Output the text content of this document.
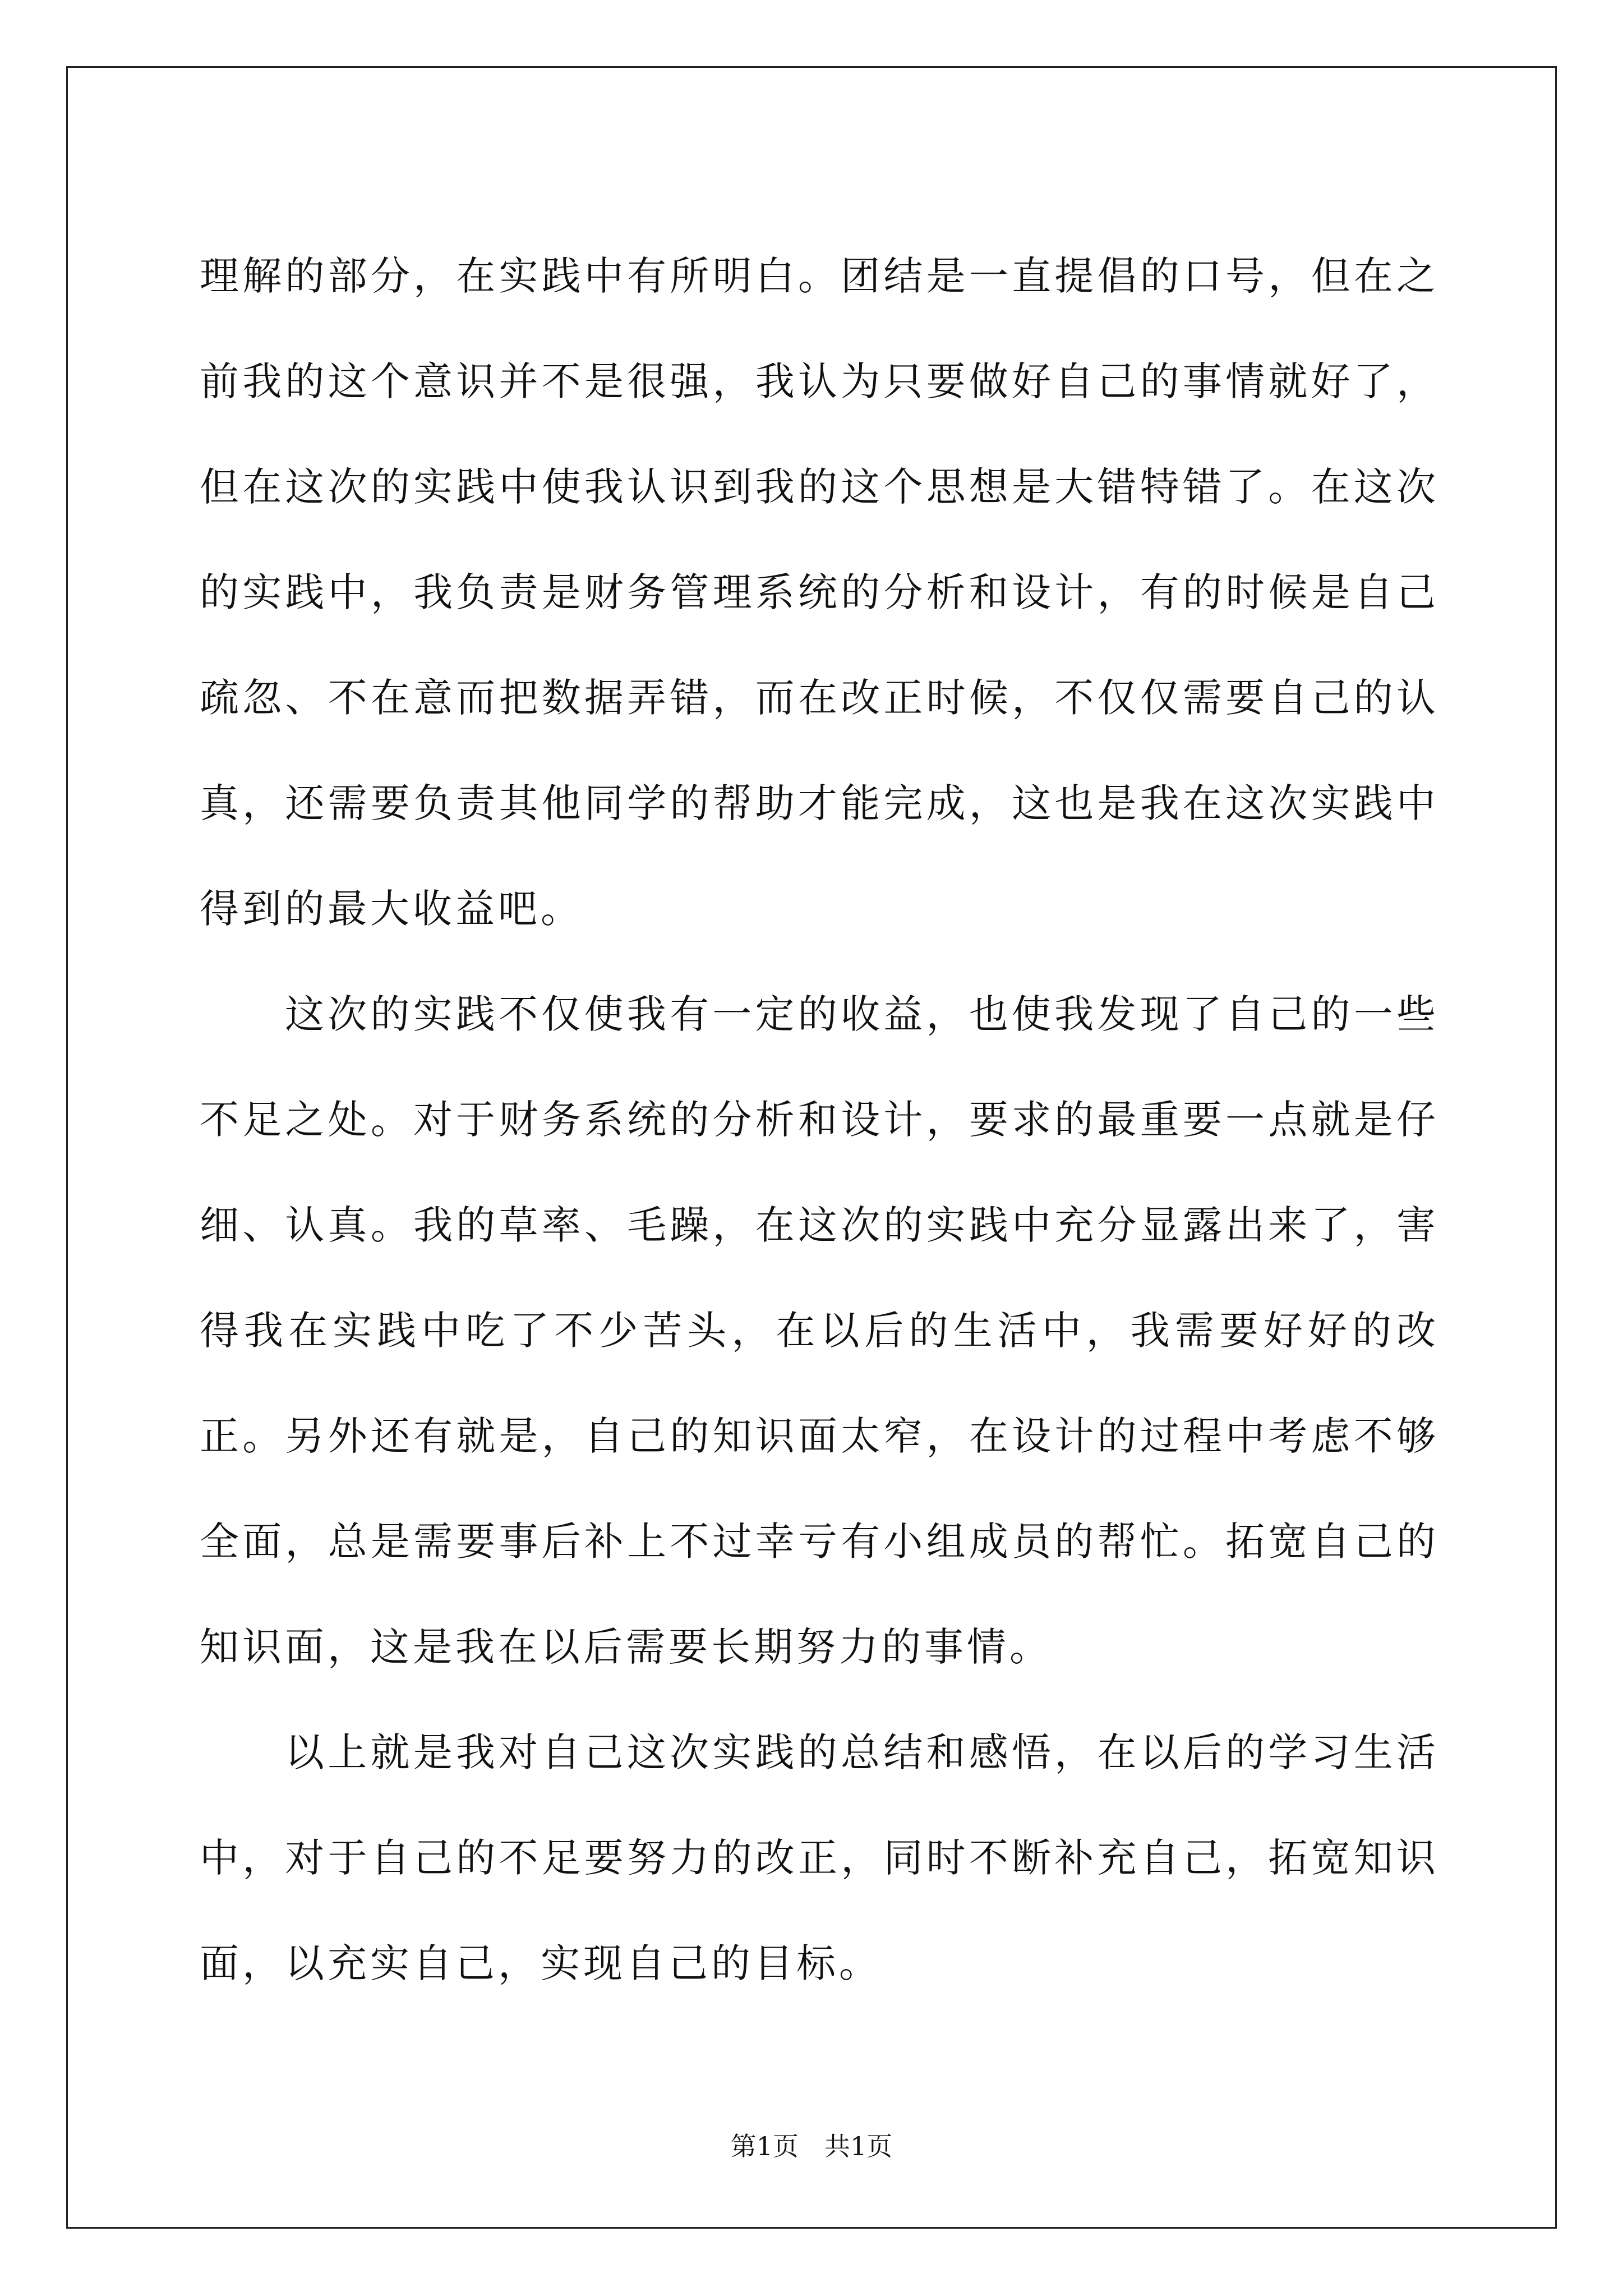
理解的部分，在实践中有所明白。团结是一直提倡的口号，但在之前我的这个意识并不是很强，我认为只要做好自己的事情就好了，但在这次的实践中使我认识到我的这个思想是大错特错了。在这次的实践中，我负责是财务管理系统的分析和设计，有的时候是自己疏忽、不在意而把数据弄错，而在改正时候，不仅仅需要自己的认真，还需要负责其他同学的帮助才能完成，这也是我在这次实践中得到的最大收益吧。

这次的实践不仅使我有一定的收益，也使我发现了自己的一些不足之处。对于财务系统的分析和设计，要求的最重要一点就是仔细、认真。我的草率、毛躁，在这次的实践中充分显露出来了，害得我在实践中吃了不少苦头，在以后的生活中，我需要好好的改正。另外还有就是，自己的知识面太窄，在设计的过程中考虑不够全面，总是需要事后补上不过幸亏有小组成员的帮忙。拓宽自己的知识面，这是我在以后需要长期努力的事情。

以上就是我对自己这次实践的总结和感悟，在以后的学习生活中，对于自己的不足要努力的改正，同时不断补充自己，拓宽知识面，以充实自己，实现自己的目标。

第1页 共1页
